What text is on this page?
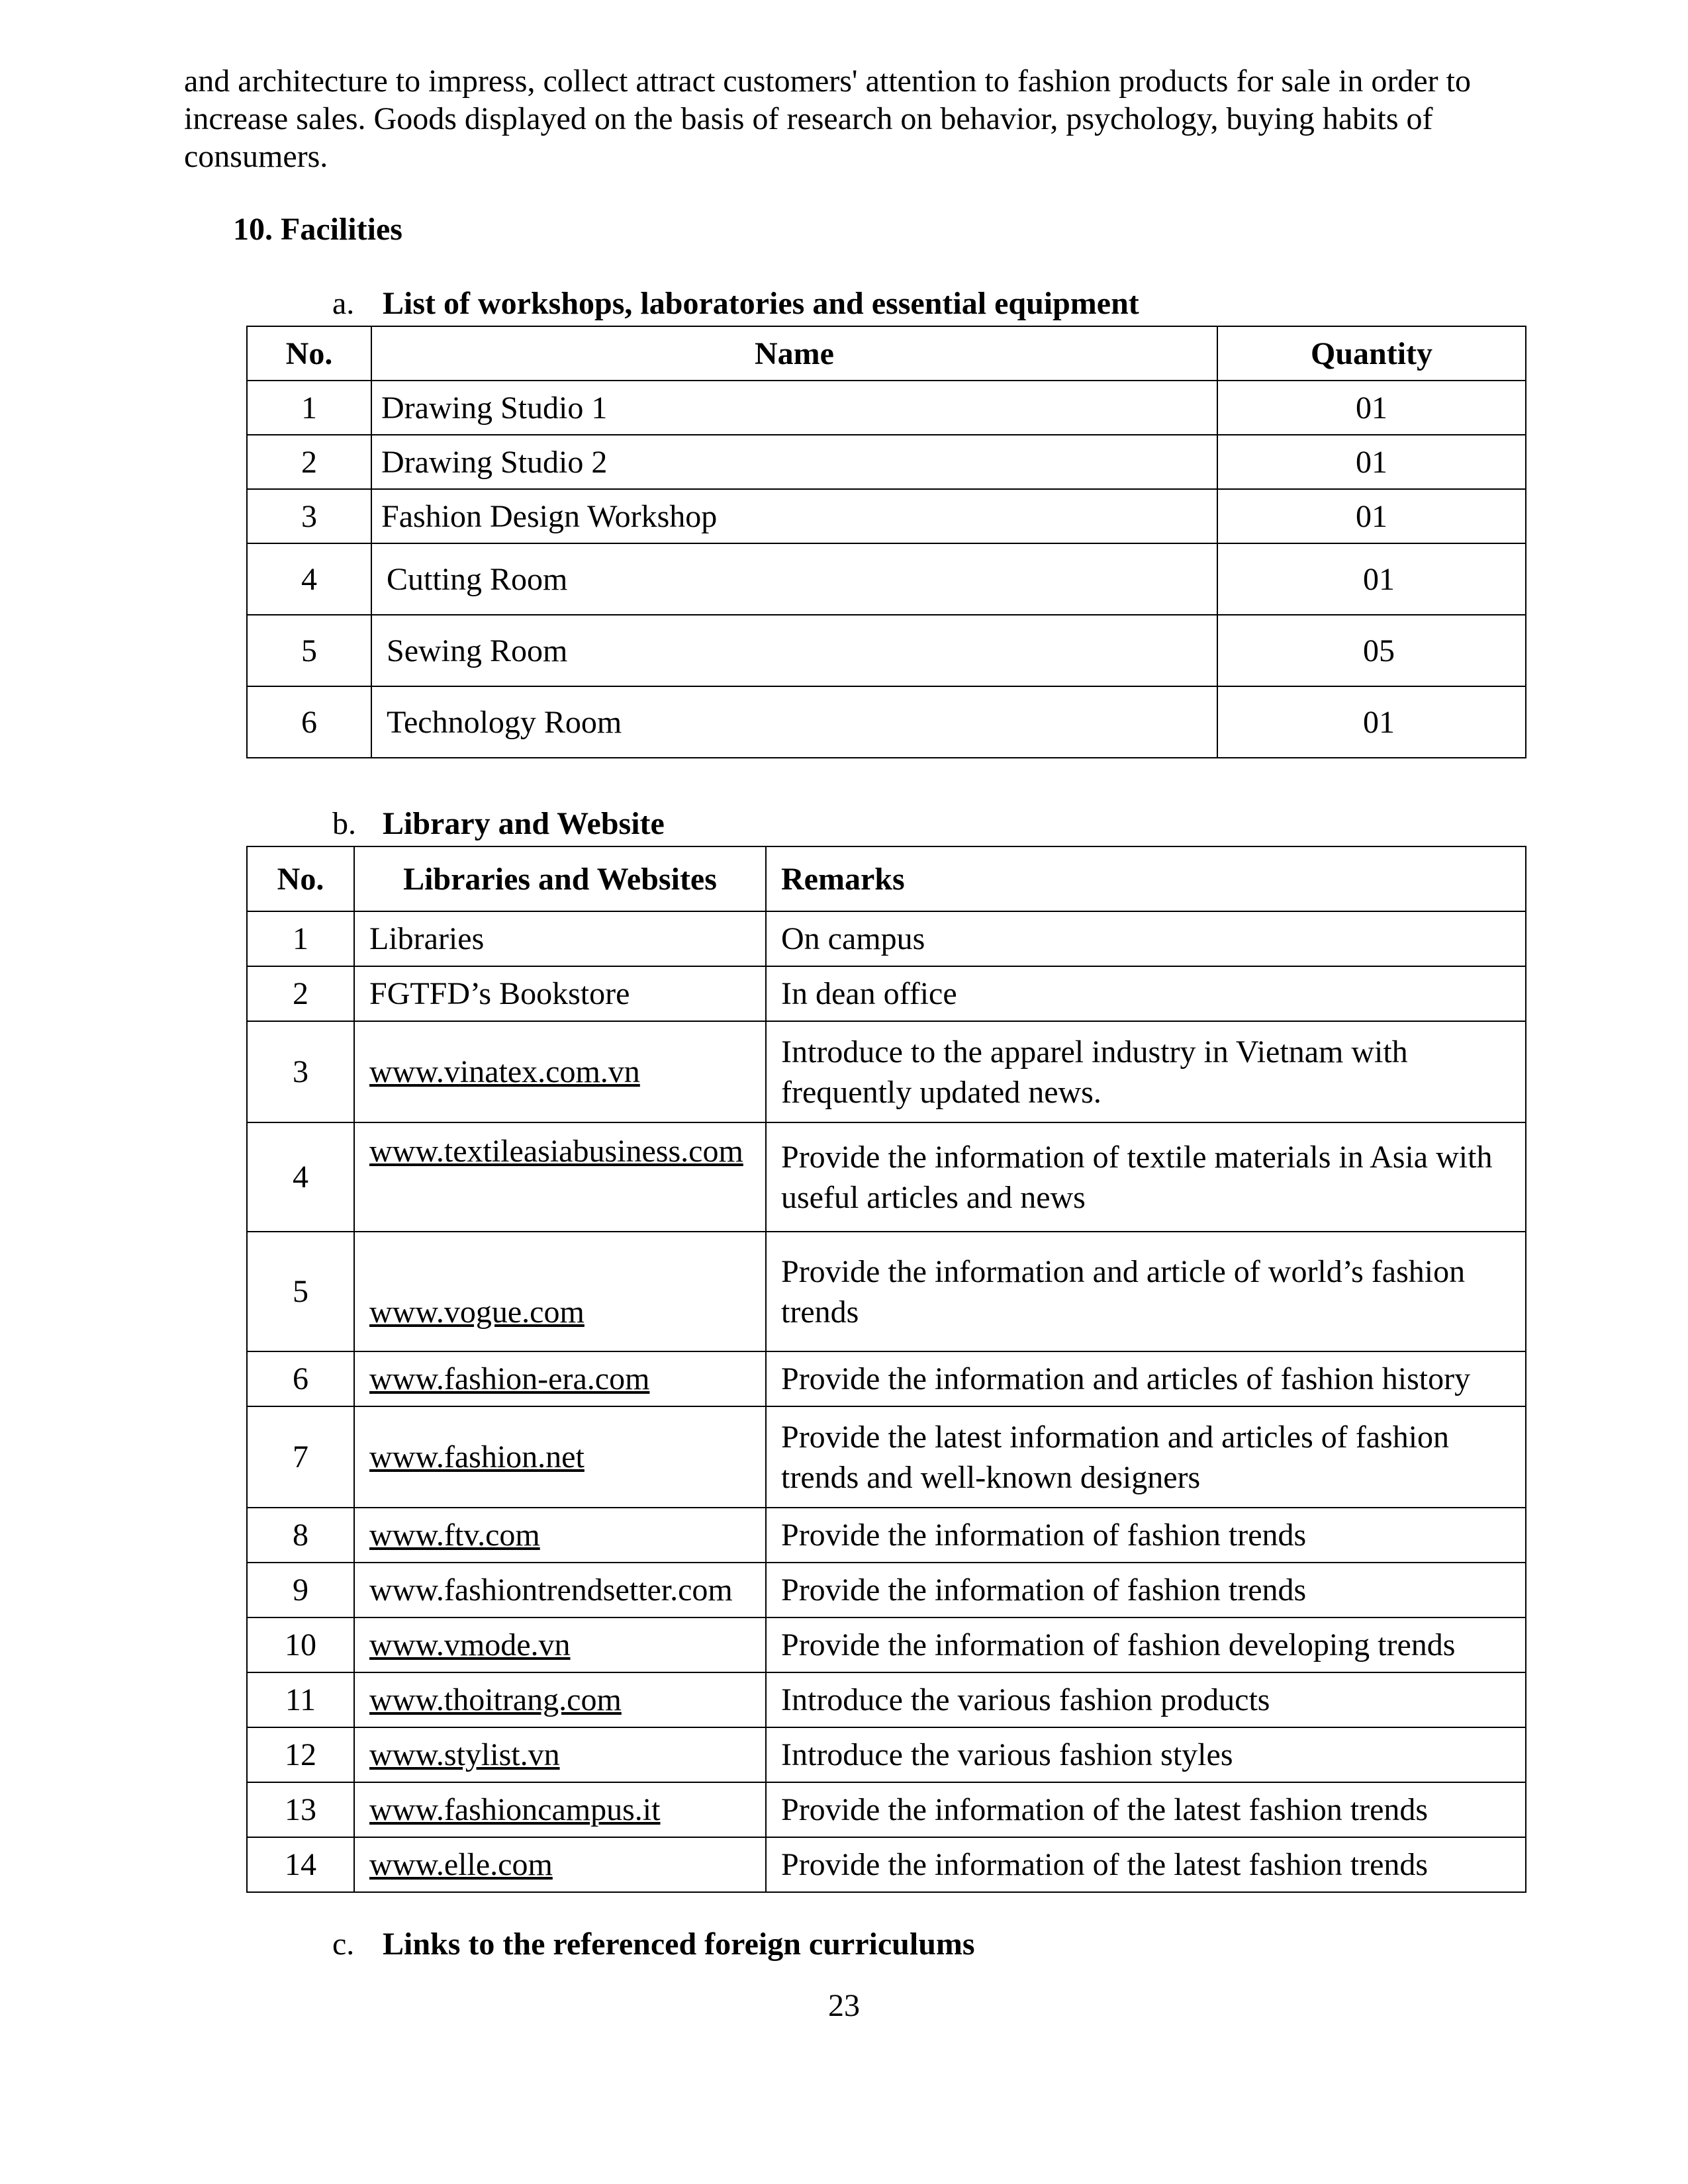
and architecture to impress, collect attract customers' attention to fashion products for sale in order to increase sales. Goods displayed on the basis of research on behavior, psychology, buying habits of consumers.

10. Facilities

a. List of workshops, laboratories and essential equipment

No.	Name	Quantity
1	Drawing Studio 1	01
2	Drawing Studio 2	01
3	Fashion Design Workshop	01
4	Cutting Room	01
5	Sewing Room	05
6	Technology Room	01

b. Library and Website

No.	Libraries and Websites	Remarks
1	Libraries	On campus
2	FGTFD’s Bookstore	In dean office
3	www.vinatex.com.vn	Introduce to the apparel industry in Vietnam with frequently updated news.
4	www.textileasiabusiness.com	Provide the information of textile materials in Asia with useful articles and news
5	www.vogue.com	Provide the information and article of world’s fashion trends
6	www.fashion-era.com	Provide the information and articles of fashion history
7	www.fashion.net	Provide the latest information and articles of fashion trends and well-known designers
8	www.ftv.com	Provide the information of fashion trends
9	www.fashiontrendsetter.com	Provide the information of fashion trends
10	www.vmode.vn	Provide the information of fashion developing trends
11	www.thoitrang.com	Introduce the various fashion products
12	www.stylist.vn	Introduce the various fashion styles
13	www.fashioncampus.it	Provide the information of the latest fashion trends
14	www.elle.com	Provide the information of the latest fashion trends

c. Links to the referenced foreign curriculums

23
